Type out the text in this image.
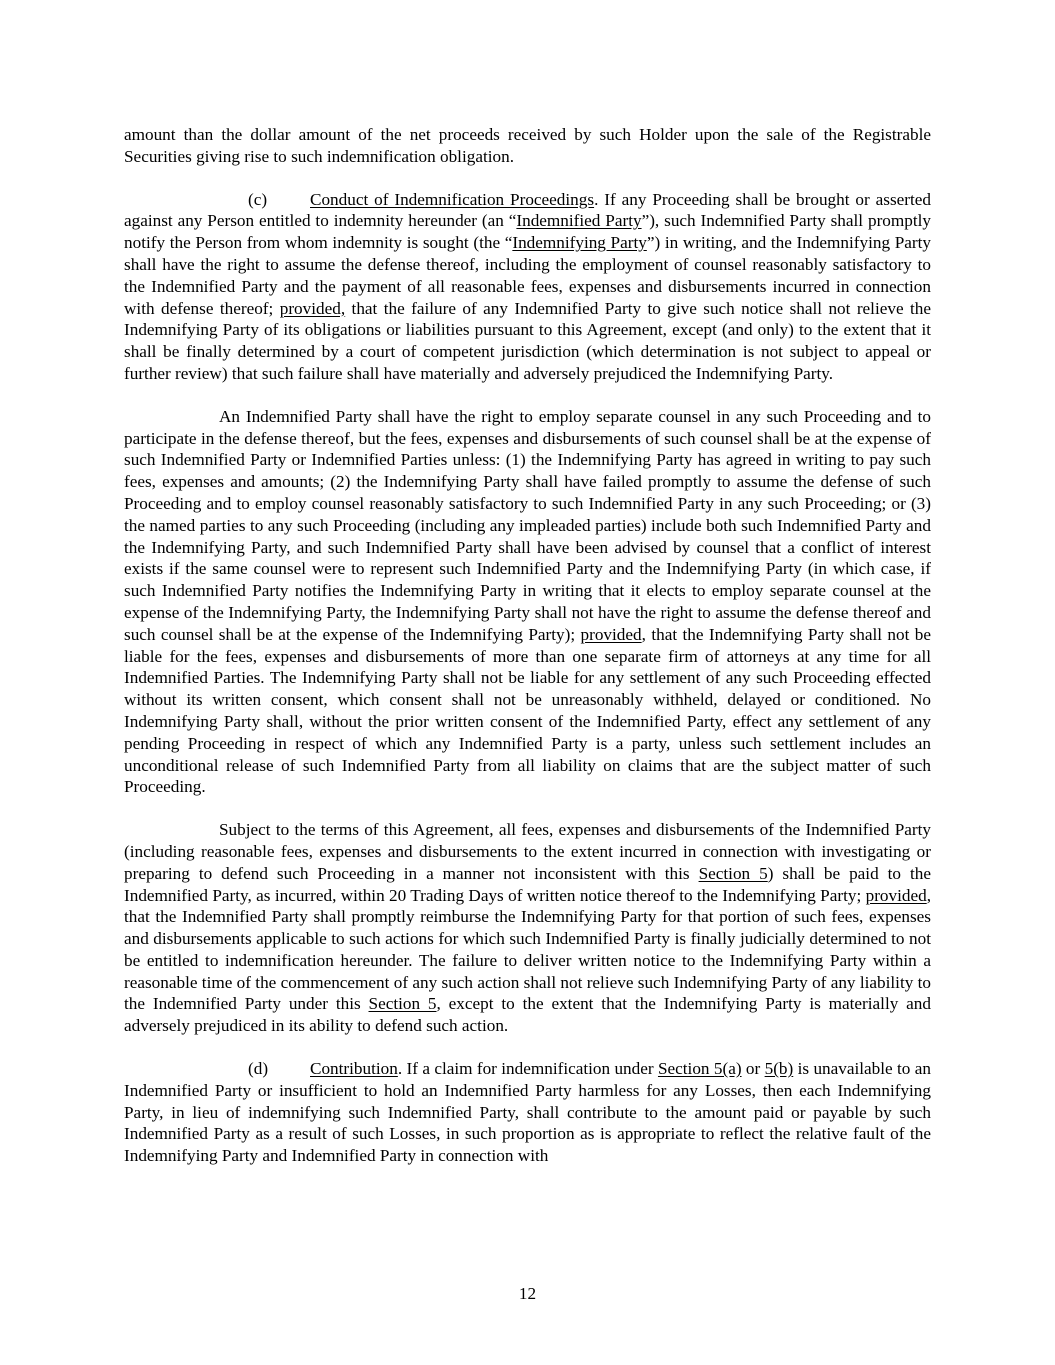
amount than the dollar amount of the net proceeds received by such Holder upon the sale of the Registrable Securities giving rise to such indemnification obligation.

(c) Conduct of Indemnification Proceedings. If any Proceeding shall be brought or asserted against any Person entitled to indemnity hereunder (an “Indemnified Party”), such Indemnified Party shall promptly notify the Person from whom indemnity is sought (the “Indemnifying Party”) in writing, and the Indemnifying Party shall have the right to assume the defense thereof, including the employment of counsel reasonably satisfactory to the Indemnified Party and the payment of all reasonable fees, expenses and disbursements incurred in connection with defense thereof; provided, that the failure of any Indemnified Party to give such notice shall not relieve the Indemnifying Party of its obligations or liabilities pursuant to this Agreement, except (and only) to the extent that it shall be finally determined by a court of competent jurisdiction (which determination is not subject to appeal or further review) that such failure shall have materially and adversely prejudiced the Indemnifying Party.

An Indemnified Party shall have the right to employ separate counsel in any such Proceeding and to participate in the defense thereof, but the fees, expenses and disbursements of such counsel shall be at the expense of such Indemnified Party or Indemnified Parties unless: (1) the Indemnifying Party has agreed in writing to pay such fees, expenses and amounts; (2) the Indemnifying Party shall have failed promptly to assume the defense of such Proceeding and to employ counsel reasonably satisfactory to such Indemnified Party in any such Proceeding; or (3) the named parties to any such Proceeding (including any impleaded parties) include both such Indemnified Party and the Indemnifying Party, and such Indemnified Party shall have been advised by counsel that a conflict of interest exists if the same counsel were to represent such Indemnified Party and the Indemnifying Party (in which case, if such Indemnified Party notifies the Indemnifying Party in writing that it elects to employ separate counsel at the expense of the Indemnifying Party, the Indemnifying Party shall not have the right to assume the defense thereof and such counsel shall be at the expense of the Indemnifying Party); provided, that the Indemnifying Party shall not be liable for the fees, expenses and disbursements of more than one separate firm of attorneys at any time for all Indemnified Parties. The Indemnifying Party shall not be liable for any settlement of any such Proceeding effected without its written consent, which consent shall not be unreasonably withheld, delayed or conditioned. No Indemnifying Party shall, without the prior written consent of the Indemnified Party, effect any settlement of any pending Proceeding in respect of which any Indemnified Party is a party, unless such settlement includes an unconditional release of such Indemnified Party from all liability on claims that are the subject matter of such Proceeding.

Subject to the terms of this Agreement, all fees, expenses and disbursements of the Indemnified Party (including reasonable fees, expenses and disbursements to the extent incurred in connection with investigating or preparing to defend such Proceeding in a manner not inconsistent with this Section 5) shall be paid to the Indemnified Party, as incurred, within 20 Trading Days of written notice thereof to the Indemnifying Party; provided, that the Indemnified Party shall promptly reimburse the Indemnifying Party for that portion of such fees, expenses and disbursements applicable to such actions for which such Indemnified Party is finally judicially determined to not be entitled to indemnification hereunder. The failure to deliver written notice to the Indemnifying Party within a reasonable time of the commencement of any such action shall not relieve such Indemnifying Party of any liability to the Indemnified Party under this Section 5, except to the extent that the Indemnifying Party is materially and adversely prejudiced in its ability to defend such action.

(d) Contribution. If a claim for indemnification under Section 5(a) or 5(b) is unavailable to an Indemnified Party or insufficient to hold an Indemnified Party harmless for any Losses, then each Indemnifying Party, in lieu of indemnifying such Indemnified Party, shall contribute to the amount paid or payable by such Indemnified Party as a result of such Losses, in such proportion as is appropriate to reflect the relative fault of the Indemnifying Party and Indemnified Party in connection with

12
